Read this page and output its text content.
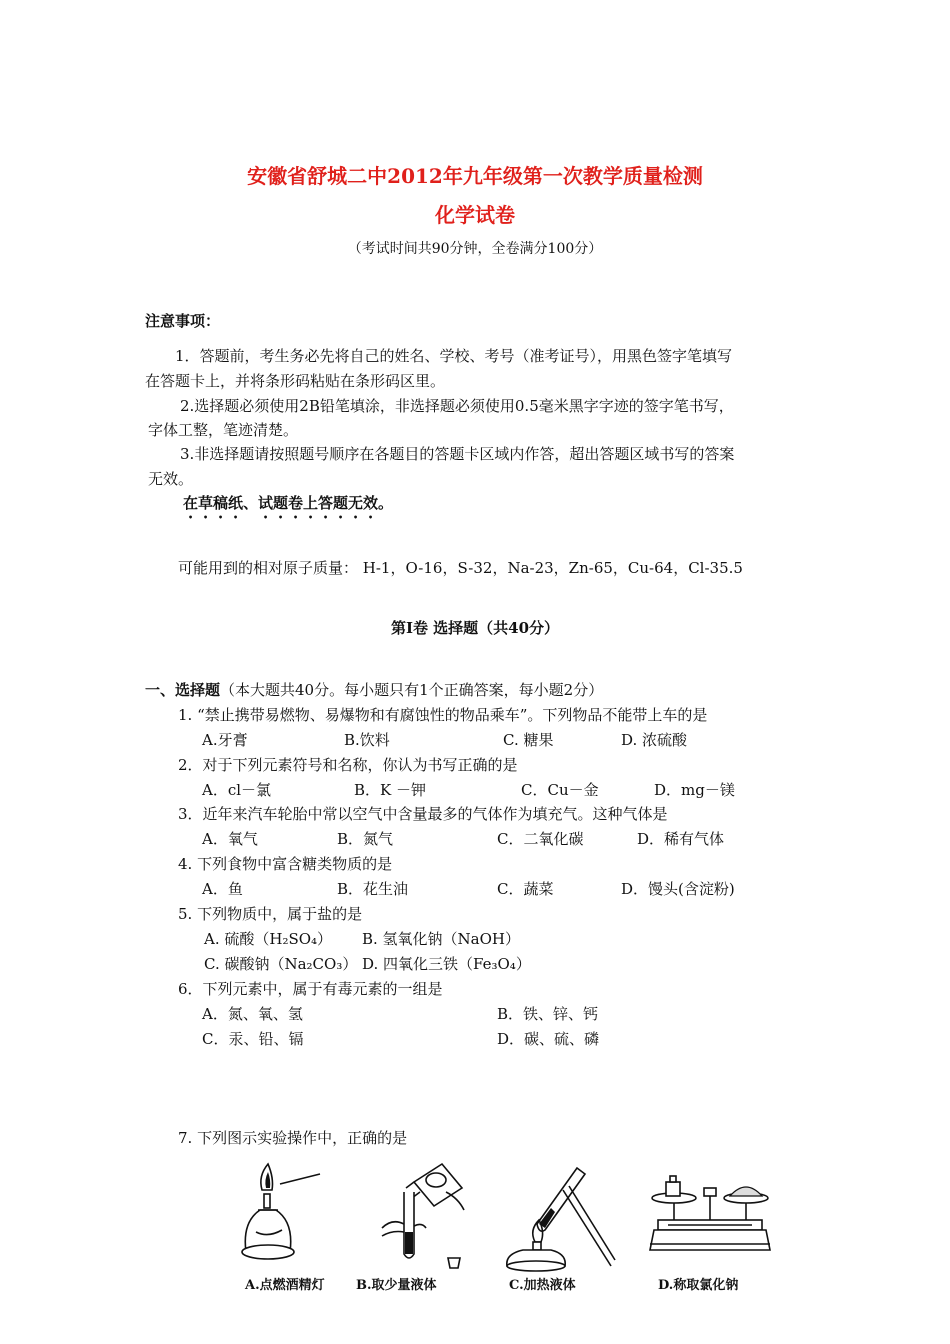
安徽省舒城二中2012年九年级第一次教学质量检测
化学试卷
（考试时间共90分钟，全卷满分100分）
注意事项：
1．答题前，考生务必先将自己的姓名、学校、考号（准考证号），用黑色签字笔填写
在答题卡上，并将条形码粘贴在条形码区里。
2.选择题必须使用2B铅笔填涂，非选择题必须使用0.5毫米黑字字迹的签字笔书写，
字体工整，笔迹清楚。
3.非选择题请按照题号顺序在各题目的答题卡区域内作答，超出答题区域书写的答案
无效。
在草稿纸、试题卷上答题无效。
可能用到的相对原子质量： H-1，O-16，S-32，Na-23，Zn-65，Cu-64，Cl-35.5
第Ⅰ卷 选择题（共40分）
一、选择题（本大题共40分。每小题只有1个正确答案，每小题2分）
1. “禁止携带易燃物、易爆物和有腐蚀性的物品乘车”。下列物品不能带上车的是
A.牙膏	B.饮料	C. 糖果	D. 浓硫酸
2．对于下列元素符号和名称，你认为书写正确的是
A．cl－氯	B．K －钾	C．Cu－金	D．mg－镁
3．近年来汽车轮胎中常以空气中含量最多的气体作为填充气。这种气体是
A．氧气	B．氮气	C．二氧化碳	D．稀有气体
4. 下列食物中富含糖类物质的是
A．鱼	B．花生油	C．蔬菜	D．馒头(含淀粉)
5. 下列物质中，属于盐的是
A. 硫酸（H₂SO₄） B. 氢氧化钠（NaOH）
C. 碳酸钠（Na₂CO₃） D. 四氧化三铁（Fe₃O₄）
6．下列元素中，属于有毒元素的一组是
A．氮、氧、氢	B．铁、锌、钙
C．汞、铅、镉	D．碳、硫、磷
7. 下列图示实验操作中，正确的是
A.点燃酒精灯 B.取少量液体	C.加热液体	D.称取氯化钠
